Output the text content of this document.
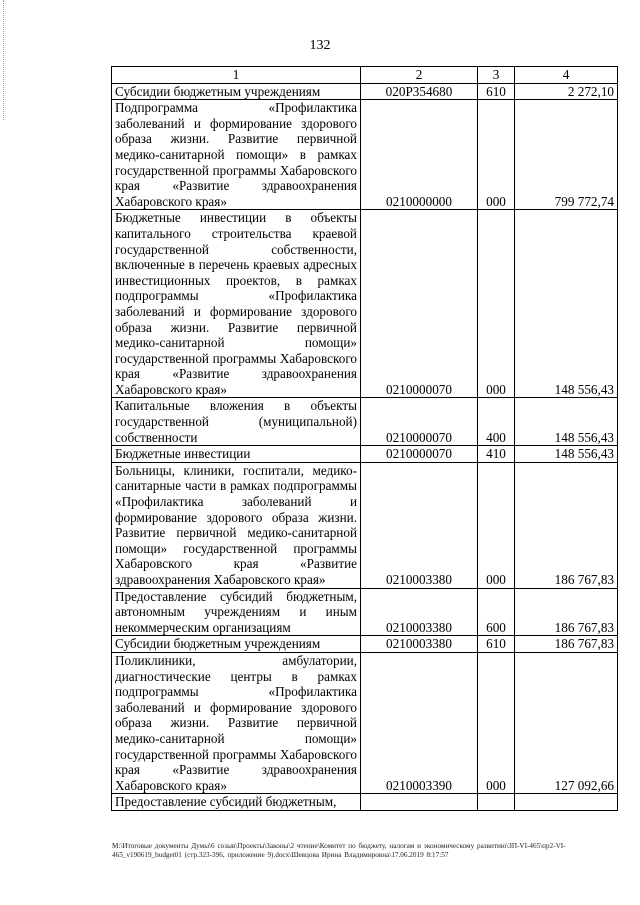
132
1	2	3	4
Субсидии бюджетным учреждениям	020Р354680	610	2 272,10
Подпрограмма «Профилактика заболеваний и формирование здорового образа жизни. Развитие первичной медико-санитарной помощи» в рамках государственной программы Хабаровского края «Развитие здравоохранения Хабаровского края»	0210000000	000	799 772,74
Бюджетные инвестиции в объекты капитального строительства краевой государственной собственности, включенные в перечень краевых адресных инвестиционных проектов, в рамках подпрограммы «Профилактика заболеваний и формирование здорового образа жизни. Развитие первичной медико-санитарной помощи» государственной программы Хабаровского края «Развитие здравоохранения Хабаровского края»	0210000070	000	148 556,43
Капитальные вложения в объекты государственной (муниципальной) собственности	0210000070	400	148 556,43
Бюджетные инвестиции	0210000070	410	148 556,43
Больницы, клиники, госпитали, медико-санитарные части в рамках подпрограммы «Профилактика заболеваний и формирование здорового образа жизни. Развитие первичной медико-санитарной помощи» государственной программы Хабаровского края «Развитие здравоохранения Хабаровского края»	0210003380	000	186 767,83
Предоставление субсидий бюджетным, автономным учреждениям и иным некоммерческим организациям	0210003380	600	186 767,83
Субсидии бюджетным учреждениям	0210003380	610	186 767,83
Поликлиники, амбулатории, диагностические центры в рамках подпрограммы «Профилактика заболеваний и формирование здорового образа жизни. Развитие первичной медико-санитарной помощи» государственной программы Хабаровского края «Развитие здравоохранения Хабаровского края»	0210003390	000	127 092,66
Предоставление субсидий бюджетным,			
M:\Итоговые документы Думы\6 созыв\Проекты\Законы\2 чтение\Комитет по бюджету, налогам и экономическому развитию\ЗП-VI-465\пр2-VI-465_v190619_budget01 (стр.323-396, приложение 9).docx\Шевцова Ирина Владимировна\17.06.2019 8:17:57
